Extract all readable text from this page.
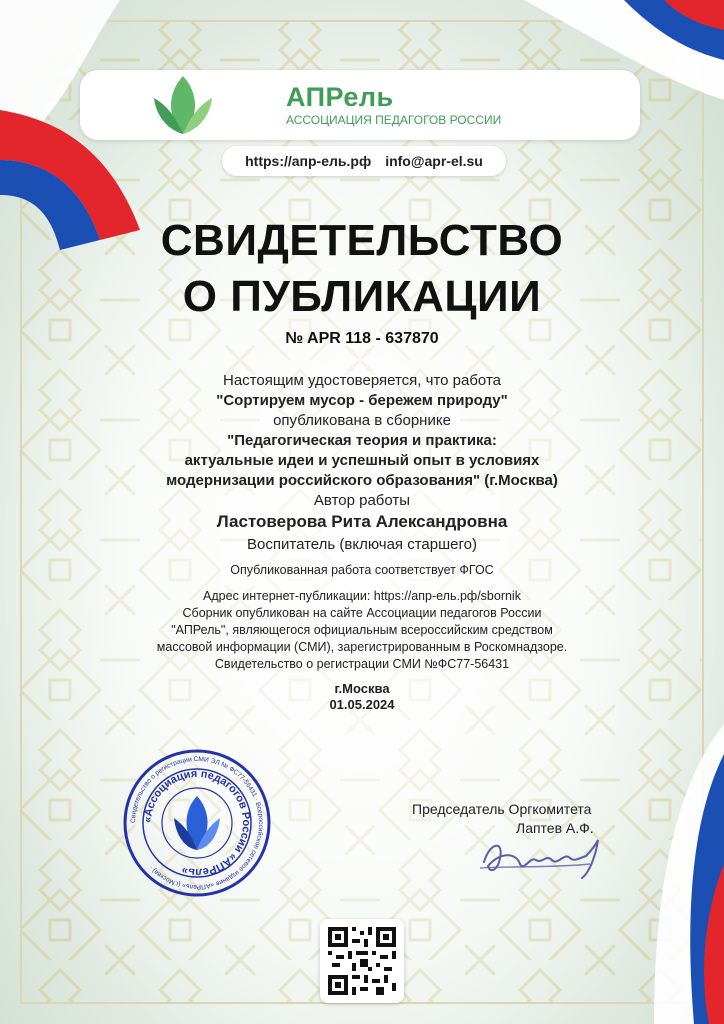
АПРель
АССОЦИАЦИЯ ПЕДАГОГОВ РОССИИ
https://апр-ель.рф info@apr-el.su
СВИДЕТЕЛЬСТВО
О ПУБЛИКАЦИИ
№ APR 118 - 637870
Настоящим удостоверяется, что работа
"Сортируем мусор - бережем природу"
опубликована в сборнике
"Педагогическая теория и практика:
актуальные идеи и успешный опыт в условиях
модернизации российского образования" (г.Москва)
Автор работы
Ластоверова Рита Александровна
Воспитатель (включая старшего)
Опубликованная работа соответствует ФГОС
Адрес интернет-публикации: https://апр-ель.рф/sbornik
Сборник опубликован на сайте Ассоциации педагогов России
"АПРель", являющегося официальным всероссийским средством
массовой информации (СМИ), зарегистрированным в Роскомнадзоре.
Свидетельство о регистрации СМИ №ФС77-56431
г.Москва
01.05.2024
Свидетельство о регистрации СМИ ЭЛ № ФС77-56431 · Всероссийское сетевое издание «АПРель» (г.Москва) ·
«Ассоциация педагогов России «АПРель»
Председатель Оргкомитета
Лаптев А.Ф.
